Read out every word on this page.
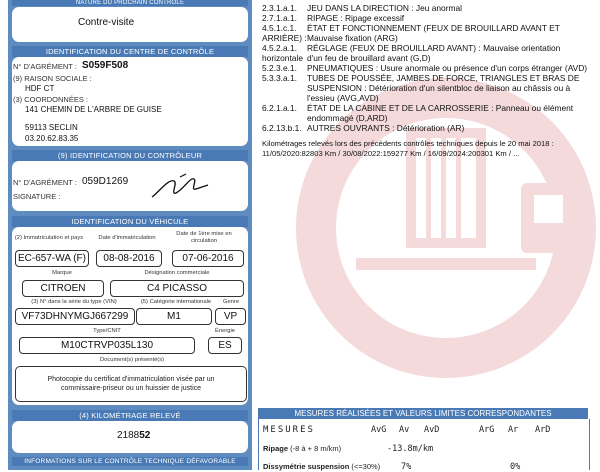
NATURE DU PROCHAIN CONTRÔLE
Contre-visite
IDENTIFICATION DU CENTRE DE CONTRÔLE
N° D'AGRÉMENT : S059F508
(9) RAISON SOCIALE :
HDF CT
(3) COORDONNÉES :
141 CHEMIN DE L'ARBRE DE GUISE
59113 SECLIN
03.20.62.83.35
(9) IDENTIFICATION DU CONTRÔLEUR
N° D'AGRÉMENT : 059D1269
SIGNATURE :
IDENTIFICATION DU VÉHICULE
(2) Immatriculation et pays	Date d'immatriculation
Date de 1ère mise en circulation
EC-657-WA (F)	08-08-2016	07-06-2016
Marque	Désignation commerciale
CITROEN	C4 PICASSO
(3) N° dans la série du type (VIN)	(5) Catégorie internationale	Genre
VF73DHNYMGJ667299	M1	VP
Type/CNIT	Énergie
M10CTRVP035L130	ES
Document(s) présenté(s)
Photocopie du certificat d'immatriculation visée par un
commissaire-priseur ou un huissier de justice
(4) KILOMÉTRAGE RELEVÉ
218852
INFORMATIONS SUR LE CONTRÔLE TECHNIQUE DÉFAVORABLE
2.3.1.a.1. JEU DANS LA DIRECTION : Jeu anormal
2.7.1.a.1. RIPAGE : Ripage excessif
4.5.1.c.1. ÉTAT ET FONCTIONNEMENT (FEUX DE BROUILLARD AVANT ET ARRIÈRE) : Mauvaise fixation (ARG)
4.5.2.a.1. RÉGLAGE (FEUX DE BROUILLARD AVANT) : Mauvaise orientation horizontale d'un feu de brouillard avant (G,D)
5.2.3.e.1. PNEUMATIQUES : Usure anormale ou présence d'un corps étranger (AVD)
5.3.3.a.1. TUBES DE POUSSÉE, JAMBES DE FORCE, TRIANGLES ET BRAS DE
SUSPENSION : Détérioration d'un silentbloc de liaison au châssis ou à
l'essieu (AVG,AVD)
6.2.1.a.1. ÉTAT DE LA CABINE ET DE LA CARROSSERIE : Panneau ou élément
endommagé (D,ARD)
6.2.13.b.1. AUTRES OUVRANTS : Détérioration (AR)
Kilométrages relevés lors des précédents contrôles techniques depuis le 20 mai 2018 :
11/05/2020:82803 Km / 30/08/2022:159277 Km / 16/09/2024:200301 Km / ...
MESURES RÉALISÉES ET VALEURS LIMITES CORRESPONDANTES
MESURES	AvG Av AvD	ArG Ar ArD
Ripage (-8 à + 8 m/km)	-13.8m/km
Dissymétrie suspension (<=30%) 7%	0%
